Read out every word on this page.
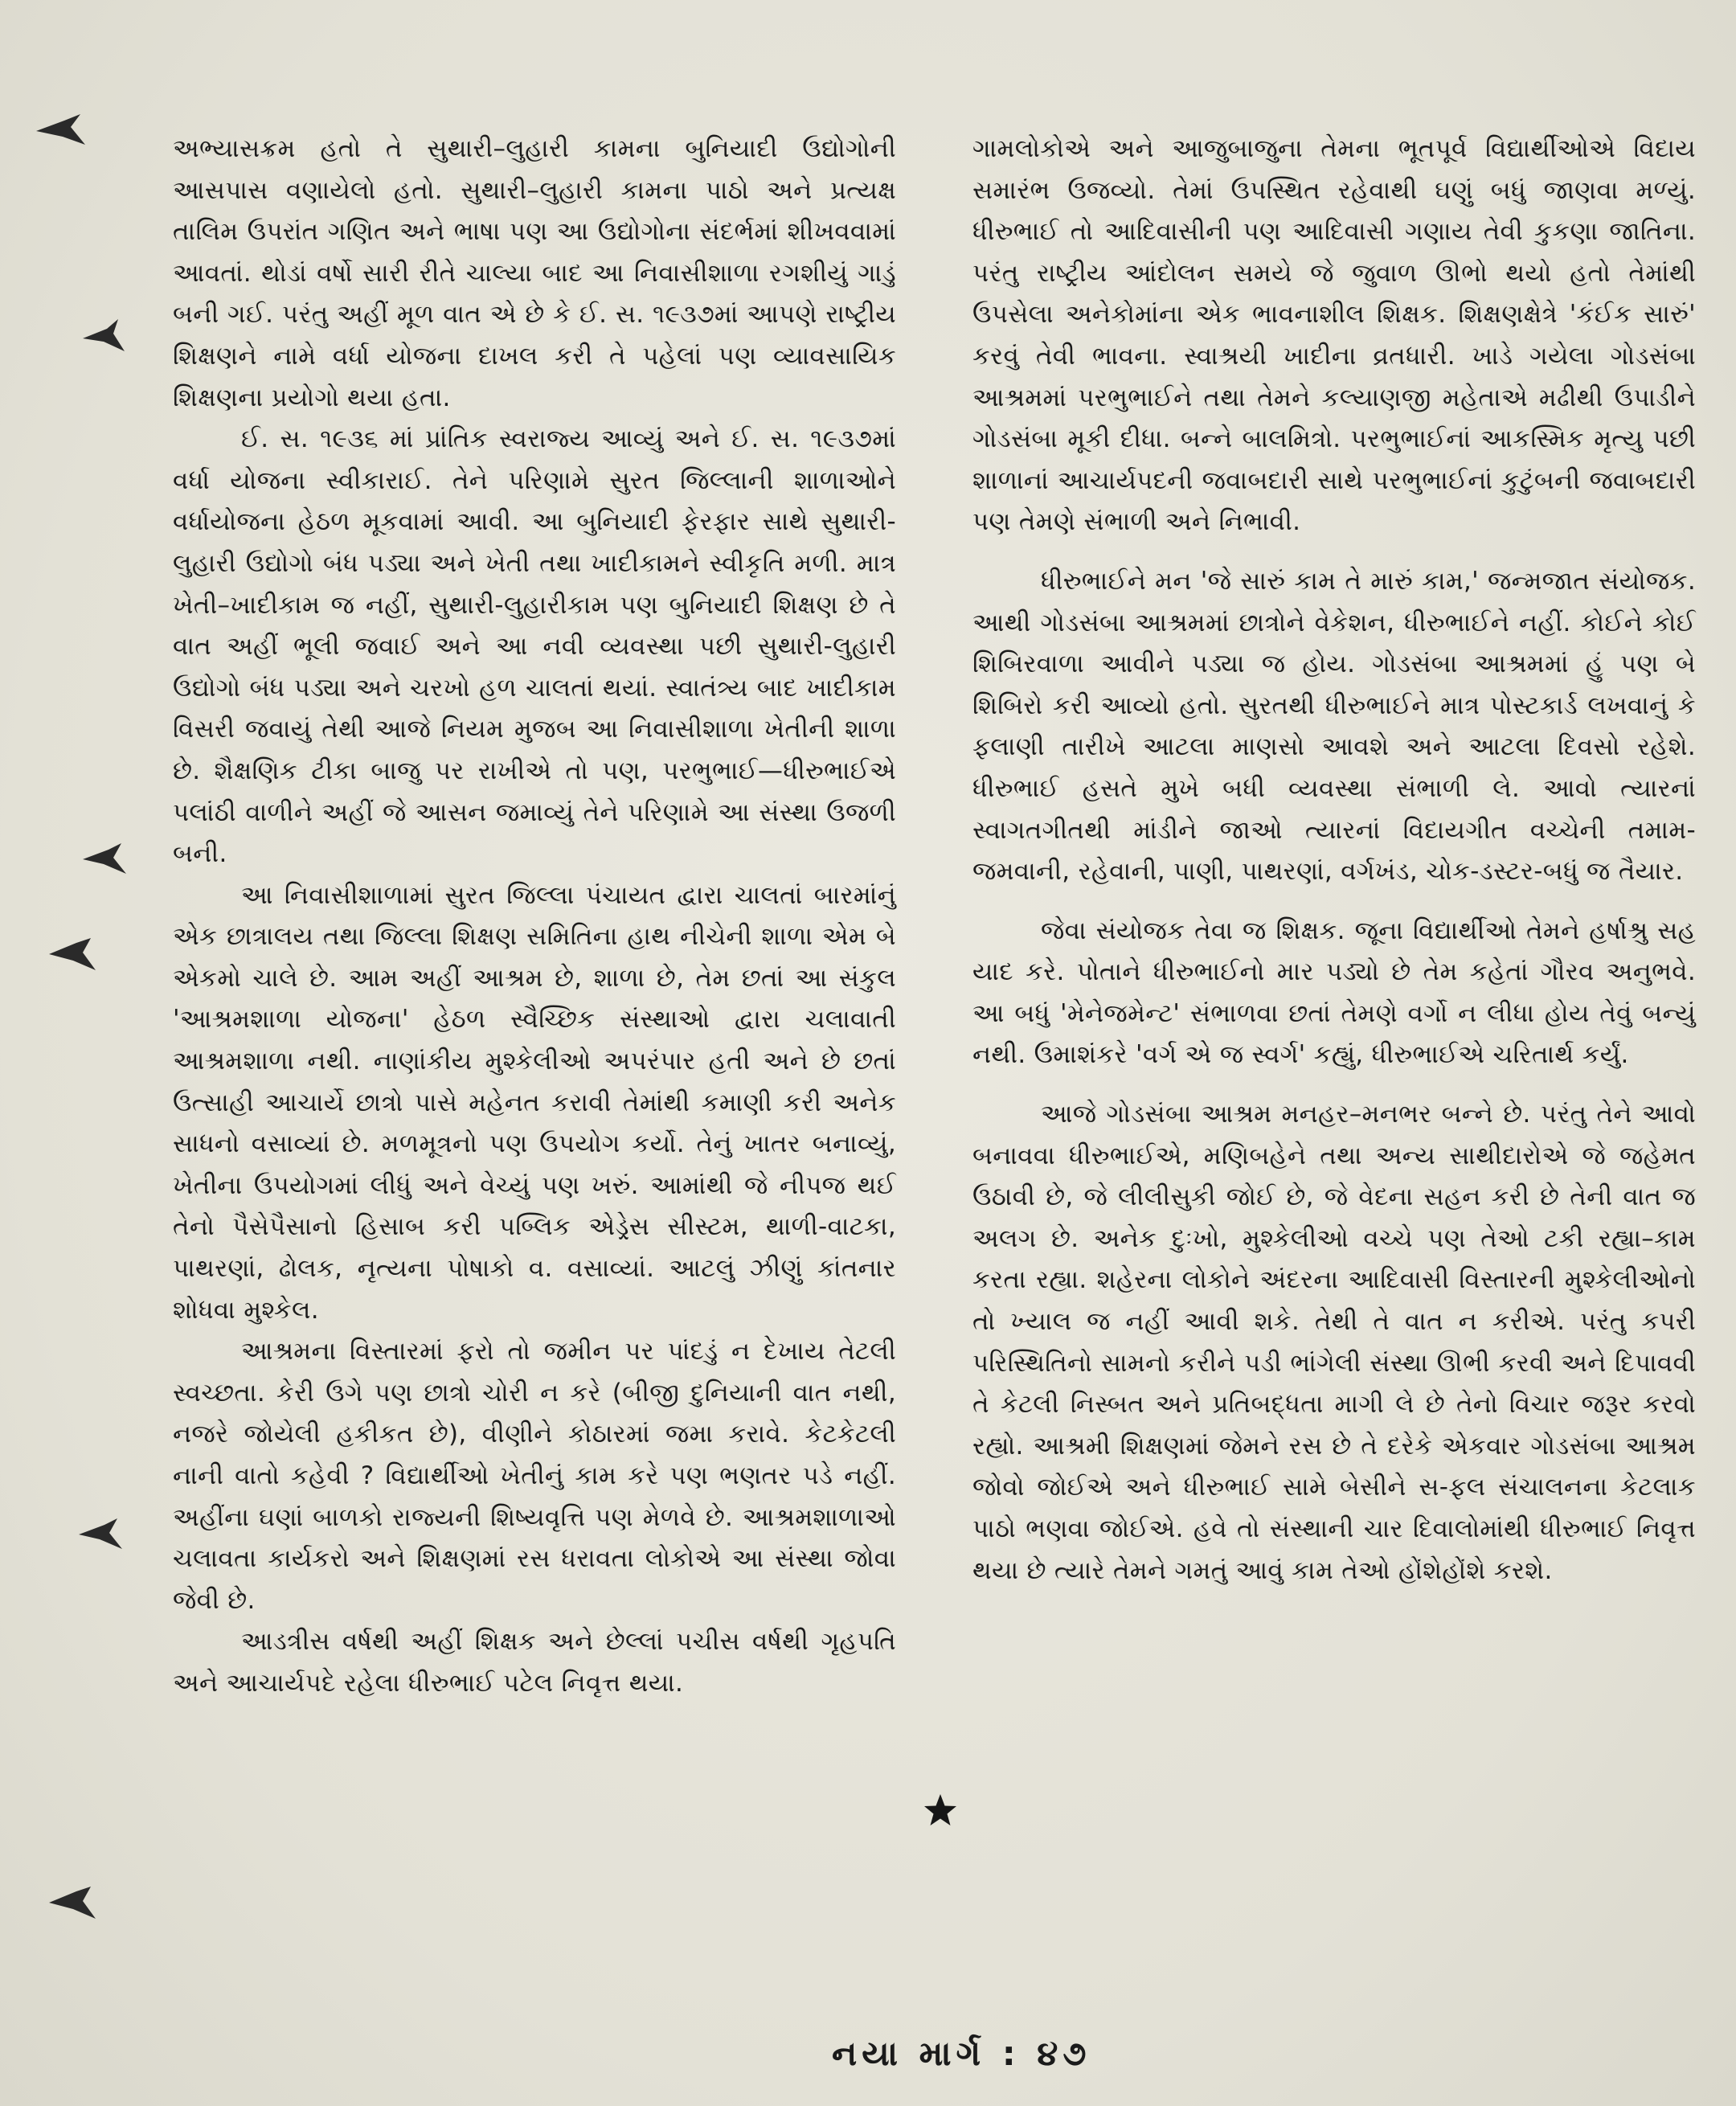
અભ્યાસક્રમ હતો તે સુથારી–લુહારી કામના બુનિયાદી ઉદ્યોગોની આસપાસ વણાયેલો હતો. સુથારી–લુહારી કામના પાઠો અને પ્રત્યક્ષ તાલિમ ઉપરાંત ગણિત અને ભાષા પણ આ ઉદ્યોગોના સંદર્ભમાં શીખવવામાં આવતાં. થોડાં વર્ષો સારી રીતે ચાલ્યા બાદ આ નિવાસીશાળા રગશીયું ગાડું બની ગઈ. પરંતુ અહીં મૂળ વાત એ છે કે ઈ. સ. ૧૯૩૭માં આપણે રાષ્ટ્રીય શિક્ષણને નામે વર્ધા યોજના દાખલ કરી તે પહેલાં પણ વ્યાવસાયિક શિક્ષણના પ્રયોગો થયા હતા.

ઈ. સ. ૧૯૩૬ માં પ્રાંતિક સ્વરાજ્ય આવ્યું અને ઈ. સ. ૧૯૩૭માં વર્ધા યોજના સ્વીકારાઈ. તેને પરિણામે સુરત જિલ્લાની શાળાઓને વર્ધાયોજના હેઠળ મૂકવામાં આવી. આ બુનિયાદી ફેરફાર સાથે સુથારી-લુહારી ઉદ્યોગો બંધ પડ્યા અને ખેતી તથા ખાદીકામને સ્વીકૃતિ મળી. માત્ર ખેતી–ખાદીકામ જ નહીં, સુથારી-લુહારીકામ પણ બુનિયાદી શિક્ષણ છે તે વાત અહીં ભૂલી જવાઈ અને આ નવી વ્યવસ્થા પછી સુથારી-લુહારી ઉદ્યોગો બંધ પડ્યા અને ચરખો હળ ચાલતાં થયાં. સ્વાતંત્ર્ય બાદ ખાદીકામ વિસરી જવાયું તેથી આજે નિયમ મુજબ આ નિવાસીશાળા ખેતીની શાળા છે. શૈક્ષણિક ટીકા બાજુ પર રાખીએ તો પણ, પરભુભાઈ—ધીરુભાઈએ પલાંઠી વાળીને અહીં જે આસન જમાવ્યું તેને પરિણામે આ સંસ્થા ઉજળી બની.

આ નિવાસીશાળામાં સુરત જિલ્લા પંચાયત દ્વારા ચાલતાં બારમાંનું એક છાત્રાલય તથા જિલ્લા શિક્ષણ સમિતિના હાથ નીચેની શાળા એમ બે એકમો ચાલે છે. આમ અહીં આશ્રમ છે, શાળા છે, તેમ છતાં આ સંકુલ 'આશ્રમશાળા યોજના' હેઠળ સ્વૈચ્છિક સંસ્થાઓ દ્વારા ચલાવાતી આશ્રમશાળા નથી. નાણાંકીય મુશ્કેલીઓ અપરંપાર હતી અને છે છતાં ઉત્સાહી આચાર્યે છાત્રો પાસે મહેનત કરાવી તેમાંથી કમાણી કરી અનેક સાધનો વસાવ્યાં છે. મળમૂત્રનો પણ ઉપયોગ કર્યો. તેનું ખાતર બનાવ્યું, ખેતીના ઉપયોગમાં લીધું અને વેચ્યું પણ ખરું. આમાંથી જે નીપજ થઈ તેનો પૈસેપૈસાનો હિસાબ કરી પબ્લિક એડ્રેસ સીસ્ટમ, થાળી-વાટકા, પાથરણાં, ઢોલક, નૃત્યના પોષાકો વ. વસાવ્યાં. આટલું ઝીણું કાંતનાર શોધવા મુશ્કેલ.

આશ્રમના વિસ્તારમાં ફરો તો જમીન પર પાંદડું ન દેખાય તેટલી સ્વચ્છતા. કેરી ઉગે પણ છાત્રો ચોરી ન કરે (બીજી દુનિયાની વાત નથી, નજરે જોયેલી હકીકત છે), વીણીને કોઠારમાં જમા કરાવે. કેટકેટલી નાની વાતો કહેવી ? વિદ્યાર્થીઓ ખેતીનું કામ કરે પણ ભણતર પડે નહીં. અહીંના ઘણાં બાળકો રાજ્યની શિષ્યવૃત્તિ પણ મેળવે છે. આશ્રમશાળાઓ ચલાવતા કાર્યકરો અને શિક્ષણમાં રસ ધરાવતા લોકોએ આ સંસ્થા જોવા જેવી છે.

આડત્રીસ વર્ષથી અહીં શિક્ષક અને છેલ્લાં પચીસ વર્ષથી ગૃહપતિ અને આચાર્યપદે રહેલા ધીરુભાઈ પટેલ નિવૃત્ત થયા.

ગામલોકોએ અને આજુબાજુના તેમના ભૂતપૂર્વ વિદ્યાર્થીઓએ વિદાય સમારંભ ઉજવ્યો. તેમાં ઉપસ્થિત રહેવાથી ઘણું બધું જાણવા મળ્યું. ધીરુભાઈ તો આદિવાસીની પણ આદિવાસી ગણાય તેવી કુકણા જાતિના. પરંતુ રાષ્ટ્રીય આંદોલન સમયે જે જુવાળ ઊભો થયો હતો તેમાંથી ઉપસેલા અનેકોમાંના એક ભાવનાશીલ શિક્ષક. શિક્ષણક્ષેત્રે 'કંઈક સારું' કરવું તેવી ભાવના. સ્વાશ્રયી ખાદીના વ્રતધારી. ખાડે ગયેલા ગોડસંબા આશ્રમમાં પરભુભાઈને તથા તેમને કલ્યાણજી મહેતાએ મઢીથી ઉપાડીને ગોડસંબા મૂકી દીધા. બન્ને બાલમિત્રો. પરભુભાઈનાં આકસ્મિક મૃત્યુ પછી શાળાનાં આચાર્યપદની જવાબદારી સાથે પરભુભાઈનાં કુટુંબની જવાબદારી પણ તેમણે સંભાળી અને નિભાવી.

ધીરુભાઈને મન 'જે સારું કામ તે મારું કામ,' જન્મજાત સંયોજક. આથી ગોડસંબા આશ્રમમાં છાત્રોને વેકેશન, ધીરુભાઈને નહીં. કોઈને કોઈ શિબિરવાળા આવીને પડ્યા જ હોય. ગોડસંબા આશ્રમમાં હું પણ બે શિબિરો કરી આવ્યો હતો. સુરતથી ધીરુભાઈને માત્ર પોસ્ટકાર્ડ લખવાનું કે ફલાણી તારીખે આટલા માણસો આવશે અને આટલા દિવસો રહેશે. ધીરુભાઈ હસતે મુખે બધી વ્યવસ્થા સંભાળી લે. આવો ત્યારનાં સ્વાગતગીતથી માંડીને જાઓ ત્યારનાં વિદાયગીત વચ્ચેની તમામ-જમવાની, રહેવાની, પાણી, પાથરણાં, વર્ગખંડ, ચોક-ડસ્ટર-બધું જ તૈયાર.

જેવા સંયોજક તેવા જ શિક્ષક. જૂના વિદ્યાર્થીઓ તેમને હર્ષાશ્રુ સહ યાદ કરે. પોતાને ધીરુભાઈનો માર પડ્યો છે તેમ કહેતાં ગૌરવ અનુભવે. આ બધું 'મેનેજમેન્ટ' સંભાળવા છતાં તેમણે વર્ગો ન લીધા હોય તેવું બન્યું નથી. ઉમાશંકરે 'વર્ગ એ જ સ્વર્ગ' કહ્યું, ધીરુભાઈએ ચરિતાર્થ કર્યું.

આજે ગોડસંબા આશ્રમ મનહર–મનભર બન્ને છે. પરંતુ તેને આવો બનાવવા ધીરુભાઈએ, મણિબહેને તથા અન્ય સાથીદારોએ જે જહેમત ઉઠાવી છે, જે લીલીસુકી જોઈ છે, જે વેદના સહન કરી છે તેની વાત જ અલગ છે. અનેક દુઃખો, મુશ્કેલીઓ વચ્ચે પણ તેઓ ટકી રહ્યા–કામ કરતા રહ્યા. શહેરના લોકોને અંદરના આદિવાસી વિસ્તારની મુશ્કેલીઓનો તો ખ્યાલ જ નહીં આવી શકે. તેથી તે વાત ન કરીએ. પરંતુ કપરી પરિસ્થિતિનો સામનો કરીને પડી ભાંગેલી સંસ્થા ઊભી કરવી અને દિપાવવી તે કેટલી નિસ્બત અને પ્રતિબદ્ધતા માગી લે છે તેનો વિચાર જરૂર કરવો રહ્યો. આશ્રમી શિક્ષણમાં જેમને રસ છે તે દરેકે એકવાર ગોડસંબા આશ્રમ જોવો જોઈએ અને ધીરુભાઈ સામે બેસીને સ-ફલ સંચાલનના કેટલાક પાઠો ભણવા જોઈએ. હવે તો સંસ્થાની ચાર દિવાલોમાંથી ધીરુભાઈ નિવૃત્ત થયા છે ત્યારે તેમને ગમતું આવું કામ તેઓ હોંશેહોંશે કરશે.

નયા માર્ગ : ૪૭
